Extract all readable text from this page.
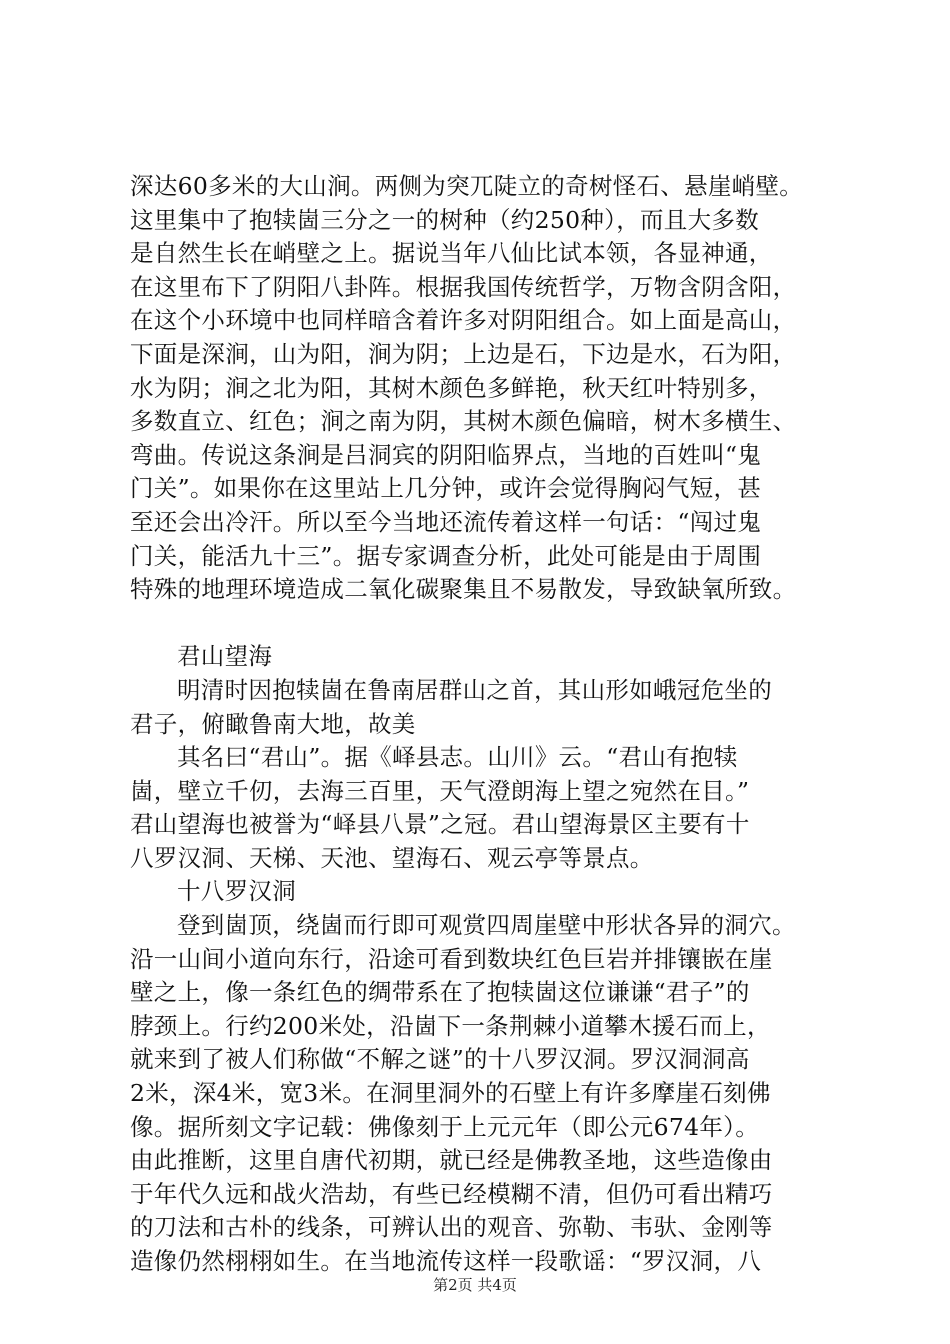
深达60多米的大山涧。两侧为突兀陡立的奇树怪石、悬崖峭壁。
这里集中了抱犊崮三分之一的树种（约250种），而且大多数
是自然生长在峭壁之上。据说当年八仙比试本领，各显神通，
在这里布下了阴阳八卦阵。根据我国传统哲学，万物含阴含阳，
在这个小环境中也同样暗含着许多对阴阳组合。如上面是高山，
下面是深涧，山为阳，涧为阴；上边是石，下边是水，石为阳，
水为阴；涧之北为阳，其树木颜色多鲜艳，秋天红叶特别多，
多数直立、红色；涧之南为阴，其树木颜色偏暗，树木多横生、
弯曲。传说这条涧是吕洞宾的阴阳临界点，当地的百姓叫“鬼
门关”。如果你在这里站上几分钟，或许会觉得胸闷气短，甚
至还会出冷汗。所以至今当地还流传着这样一句话：“闯过鬼
门关，能活九十三”。据专家调查分析，此处可能是由于周围
特殊的地理环境造成二氧化碳聚集且不易散发，导致缺氧所致。
君山望海
明清时因抱犊崮在鲁南居群山之首，其山形如峨冠危坐的
君子，俯瞰鲁南大地，故美
其名曰“君山”。据《峄县志。山川》云。“君山有抱犊
崮，壁立千仞，去海三百里，天气澄朗海上望之宛然在目。”
君山望海也被誉为“峄县八景”之冠。君山望海景区主要有十
八罗汉洞、天梯、天池、望海石、观云亭等景点。
十八罗汉洞
登到崮顶，绕崮而行即可观赏四周崖壁中形状各异的洞穴。
沿一山间小道向东行，沿途可看到数块红色巨岩并排镶嵌在崖
壁之上，像一条红色的绸带系在了抱犊崮这位谦谦“君子”的
脖颈上。行约200米处，沿崮下一条荆棘小道攀木援石而上，
就来到了被人们称做“不解之谜”的十八罗汉洞。罗汉洞洞高
2米，深4米，宽3米。在洞里洞外的石壁上有许多摩崖石刻佛
像。据所刻文字记载：佛像刻于上元元年（即公元674年）。
由此推断，这里自唐代初期，就已经是佛教圣地，这些造像由
于年代久远和战火浩劫，有些已经模糊不清，但仍可看出精巧
的刀法和古朴的线条，可辨认出的观音、弥勒、韦驮、金刚等
造像仍然栩栩如生。在当地流传这样一段歌谣：“罗汉洞，八
第2页 共4页
